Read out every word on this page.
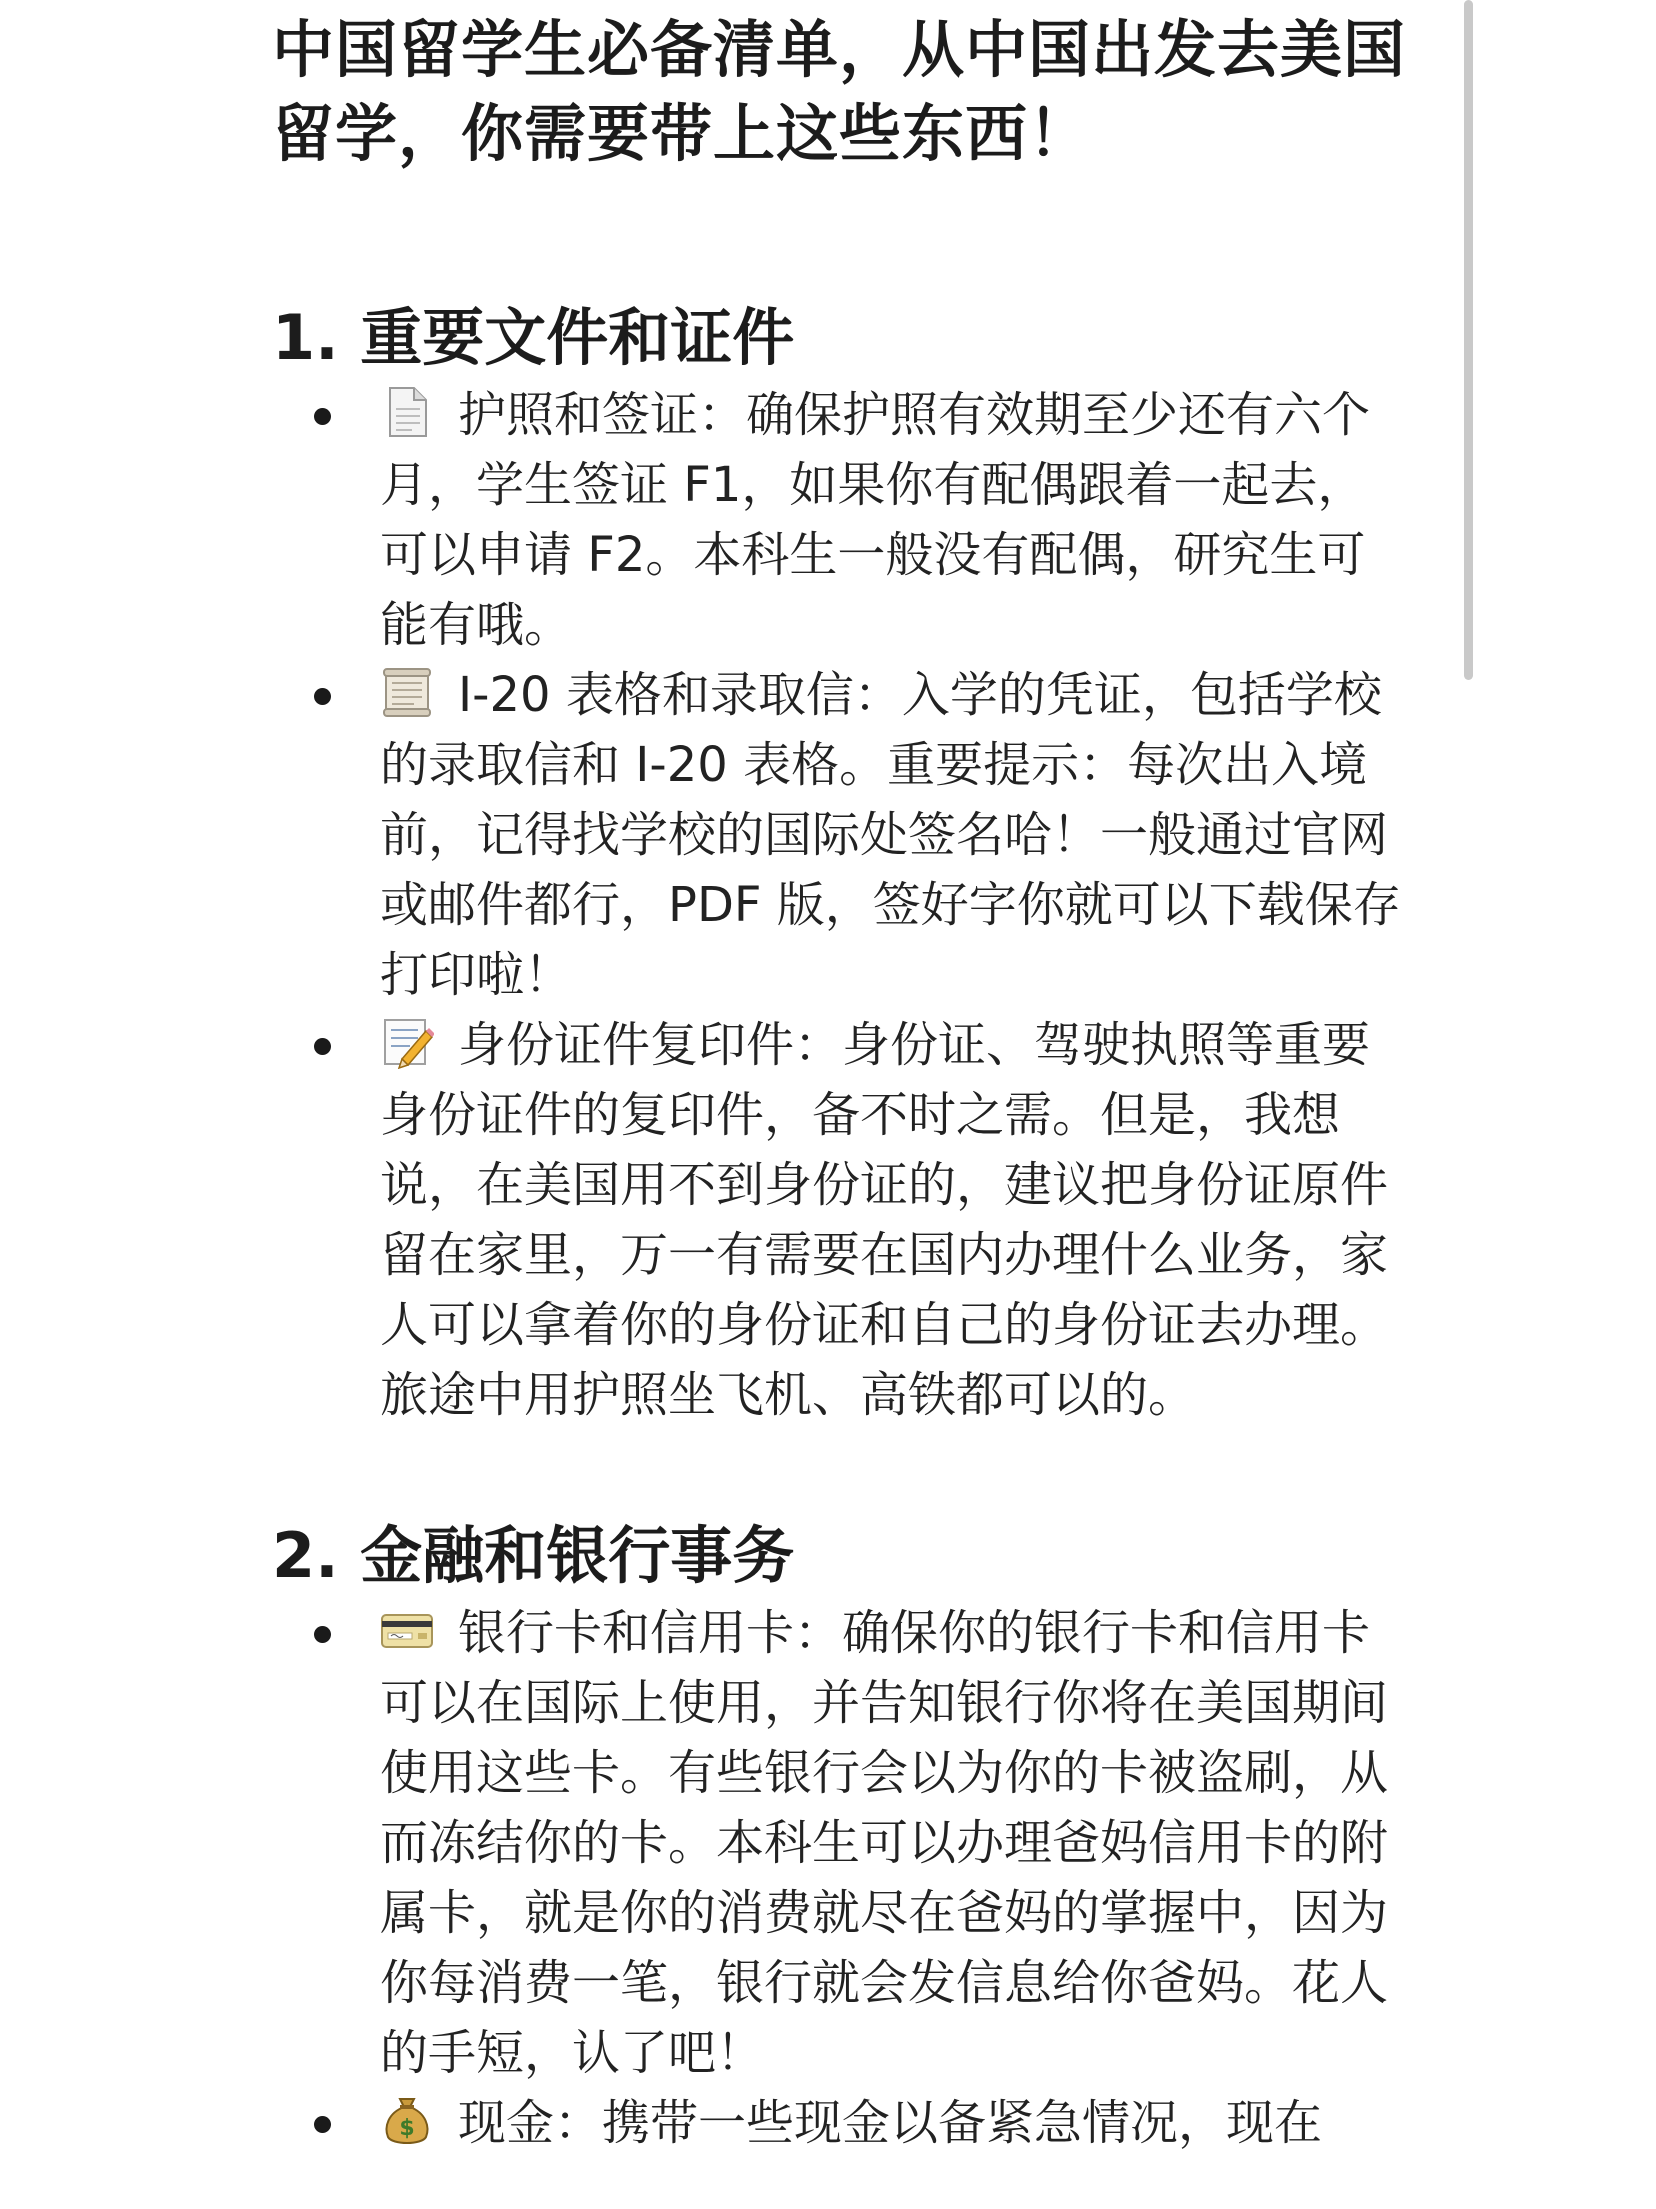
中国留学生必备清单，从中国出发去美国留学，你需要带上这些东西！
1. 重要文件和证件
护照和签证：确保护照有效期至少还有六个月，学生签证 F1，如果你有配偶跟着一起去，可以申请 F2。本科生一般没有配偶，研究生可能有哦。
I-20 表格和录取信：入学的凭证，包括学校的录取信和 I-20 表格。重要提示：每次出入境前，记得找学校的国际处签名哈！一般通过官网或邮件都行，PDF 版，签好字你就可以下载保存打印啦！
身份证件复印件：身份证、驾驶执照等重要身份证件的复印件，备不时之需。但是，我想说，在美国用不到身份证的，建议把身份证原件留在家里，万一有需要在国内办理什么业务，家人可以拿着你的身份证和自己的身份证去办理。旅途中用护照坐飞机、高铁都可以的。
2. 金融和银行事务
银行卡和信用卡：确保你的银行卡和信用卡可以在国际上使用，并告知银行你将在美国期间使用这些卡。有些银行会以为你的卡被盗刷，从而冻结你的卡。本科生可以办理爸妈信用卡的附属卡，就是你的消费就尽在爸妈的掌握中，因为你每消费一笔，银行就会发信息给你爸妈。花人的手短，认了吧！
$ 现金：携带一些现金以备紧急情况，现在
